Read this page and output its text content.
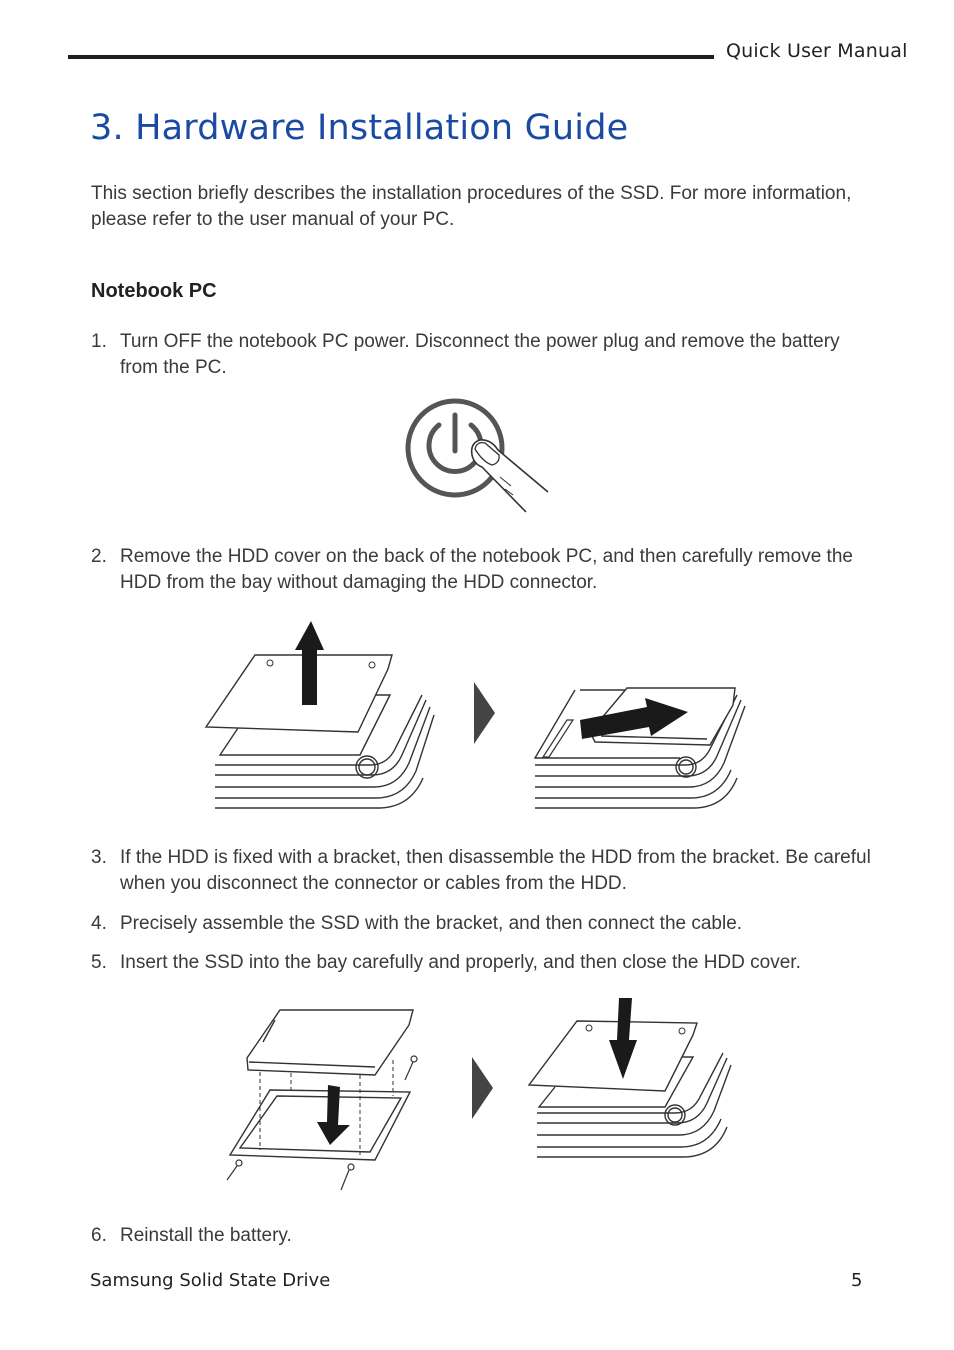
Quick User Manual
3. Hardware Installation Guide

This section briefly describes the installation procedures of the SSD. For more information, please refer to the user manual of your PC.

Notebook PC
1. Turn OFF the notebook PC power. Disconnect the power plug and remove the battery from the PC.
2. Remove the HDD cover on the back of the notebook PC, and then carefully remove the HDD from the bay without damaging the HDD connector.
3. If the HDD is fixed with a bracket, then disassemble the HDD from the bracket. Be careful when you disconnect the connector or cables from the HDD.
4. Precisely assemble the SSD with the bracket, and then connect the cable.
5. Insert the SSD into the bay carefully and properly, and then close the HDD cover.
6. Reinstall the battery.
Samsung Solid State Drive	5
